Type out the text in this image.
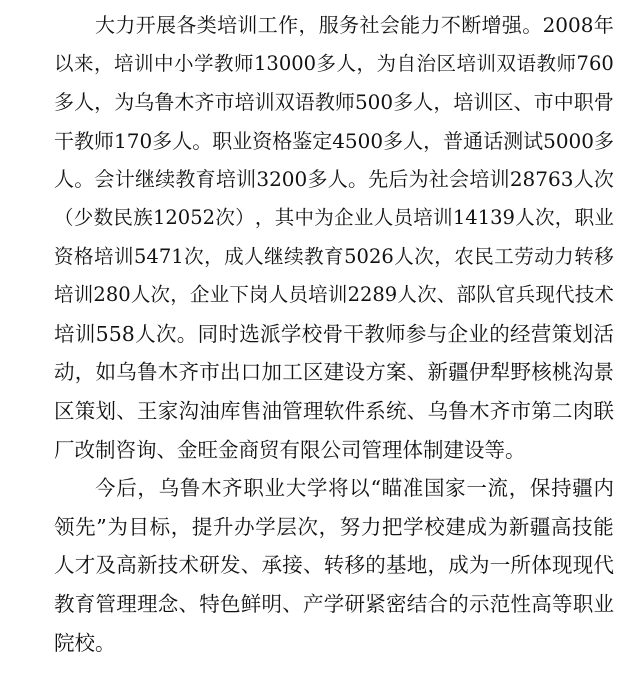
大 力 开 展 各 类 培 训 工 作 ， 服 务 社 会 能 力 不 断 增 强 。 2008 年
以 来 ， 培 训 中 小 学 教 师 13000 多 人 ， 为 自 治 区 培 训 双 语 教 师 760
多 人 ， 为 乌 鲁 木 齐 市 培 训 双 语 教 师 500 多 人 ， 培 训 区 、 市 中 职 骨
干 教 师 170 多 人 。 职 业 资 格 鉴 定 4500 多 人 ， 普 通 话 测 试 5000 多
人 。 会 计 继 续 教 育 培 训 3200 多 人 。 先 后 为 社 会 培 训 28763 人 次
（ 少 数 民 族 12052 次 ） ， 其 中 为 企 业 人 员 培 训 14139 人 次 ， 职 业
资 格 培 训 5471 次 ， 成 人 继 续 教 育 5026 人 次 ， 农 民 工 劳 动 力 转 移
培 训 280 人 次 ， 企 业 下 岗 人 员 培 训 2289 人 次 、 部 队 官 兵 现 代 技 术
培 训 558 人 次 。 同 时 选 派 学 校 骨 干 教 师 参 与 企 业 的 经 营 策 划 活
动 ， 如 乌 鲁 木 齐 市 出 口 加 工 区 建 设 方 案 、 新 疆 伊 犁 野 核 桃 沟 景
区 策 划 、 王 家 沟 油 库 售 油 管 理 软 件 系 统 、 乌 鲁 木 齐 市 第 二 肉 联
厂改制咨询、金旺金商贸有限公司管理体制建设等。
今 后 ， 乌 鲁 木 齐 职 业 大 学 将 以 “ 瞄 准 国 家 一 流 ， 保 持 疆 内
领 先 ” 为 目 标 ， 提 升 办 学 层 次 ， 努 力 把 学 校 建 成 为 新 疆 高 技 能
人 才 及 高 新 技 术 研 发 、 承 接 、 转 移 的 基 地 ， 成 为 一 所 体 现 现 代
教 育 管 理 理 念 、 特 色 鲜 明 、 产 学 研 紧 密 结 合 的 示 范 性 高 等 职 业
院校。
